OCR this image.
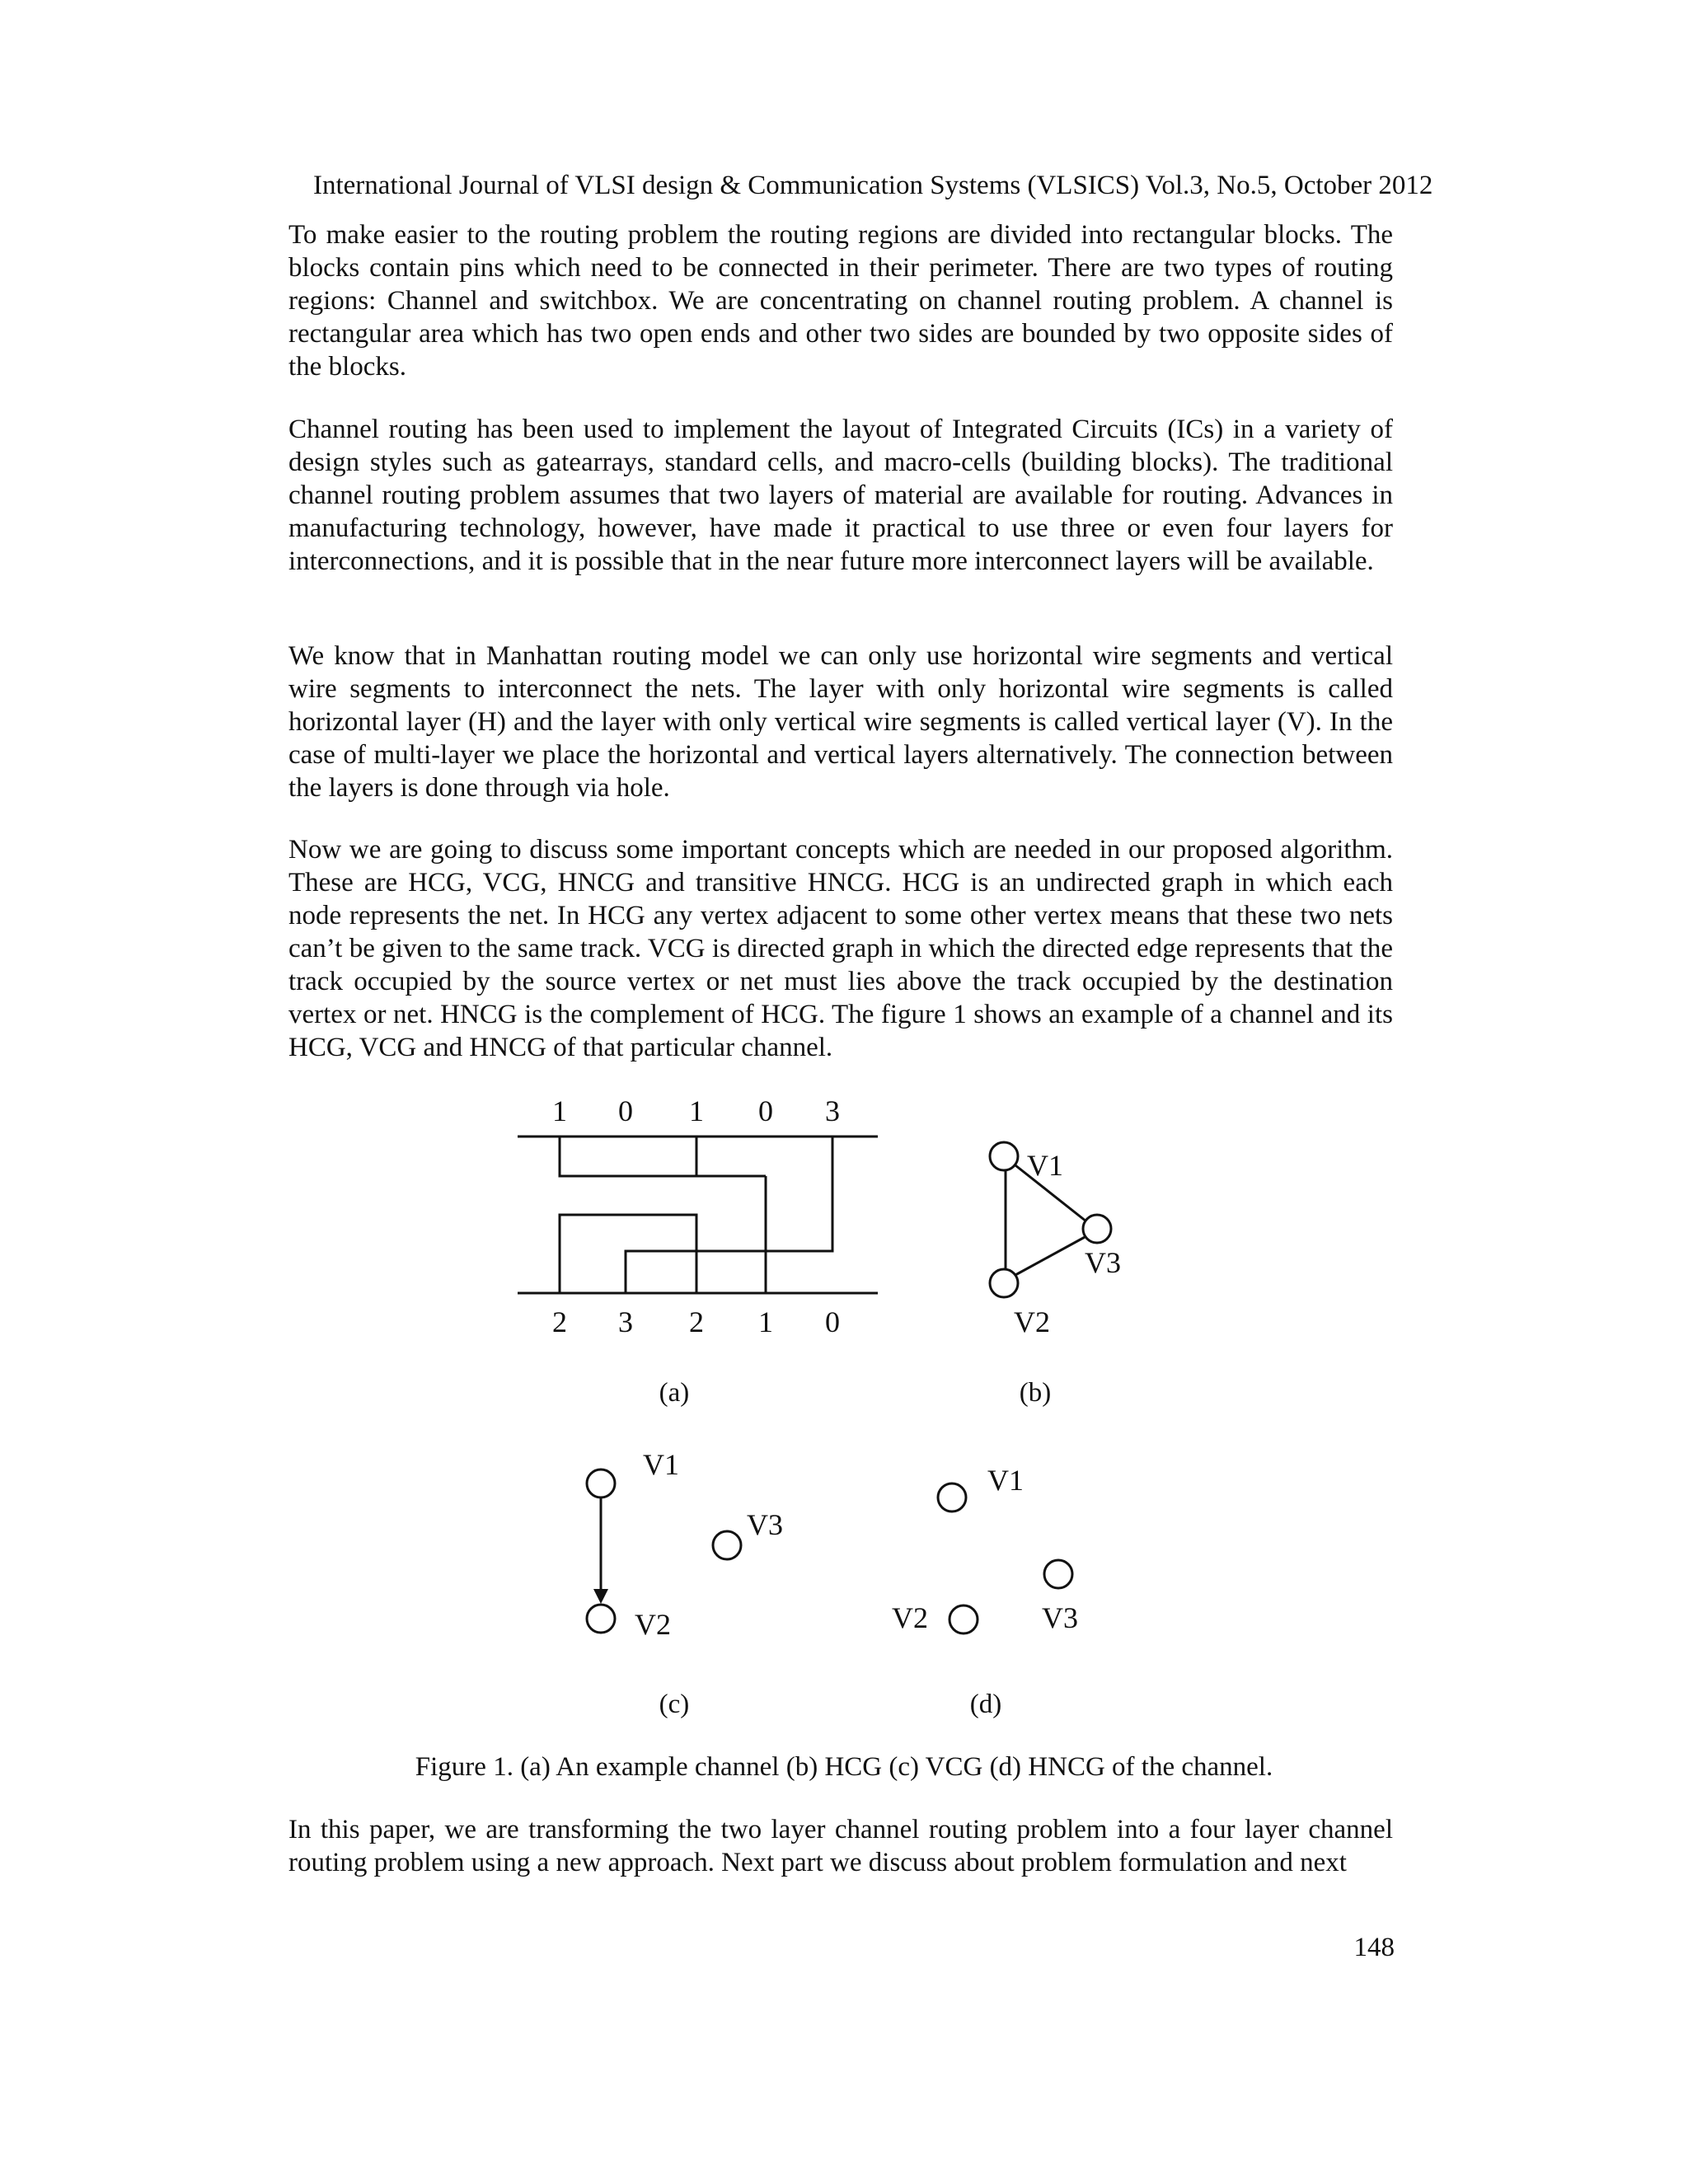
International Journal of VLSI design & Communication Systems (VLSICS) Vol.3, No.5, October 2012

To make easier to the routing problem the routing regions are divided into rectangular blocks. The blocks contain pins which need to be connected in their perimeter. There are two types of routing regions: Channel and switchbox. We are concentrating on channel routing problem. A channel is rectangular area which has two open ends and other two sides are bounded by two opposite sides of the blocks.

Channel routing has been used to implement the layout of Integrated Circuits (ICs) in a variety of design styles such as gatearrays, standard cells, and macro-cells (building blocks). The traditional channel routing problem assumes that two layers of material are available for routing. Advances in manufacturing technology, however, have made it practical to use three or even four layers for interconnections, and it is possible that in the near future more interconnect layers will be available.

We know that in Manhattan routing model we can only use horizontal wire segments and vertical wire segments to interconnect the nets. The layer with only horizontal wire segments is called horizontal layer (H) and the layer with only vertical wire segments is called vertical layer (V). In the case of multi-layer we place the horizontal and vertical layers alternatively. The connection between the layers is done through via hole.

Now we are going to discuss some important concepts which are needed in our proposed algorithm. These are HCG, VCG, HNCG and transitive HNCG. HCG is an undirected graph in which each node represents the net. In HCG any vertex adjacent to some other vertex means that these two nets can’t be given to the same track. VCG is directed graph in which the directed edge represents that the track occupied by the source vertex or net must lies above the track occupied by the destination vertex or net. HNCG is the complement of HCG. The figure 1 shows an example of a channel and its HCG, VCG and HNCG of that particular channel.

1 0 1 0 3
2 3 2 1 0
V1
V3
V2
(a)	(b)
(c)	(d)
V1
V3
V2
V1
V2	V3
Figure 1. (a) An example channel (b) HCG (c) VCG (d) HNCG of the channel.

In this paper, we are transforming the two layer channel routing problem into a four layer channel routing problem using a new approach. Next part we discuss about problem formulation and next

148
